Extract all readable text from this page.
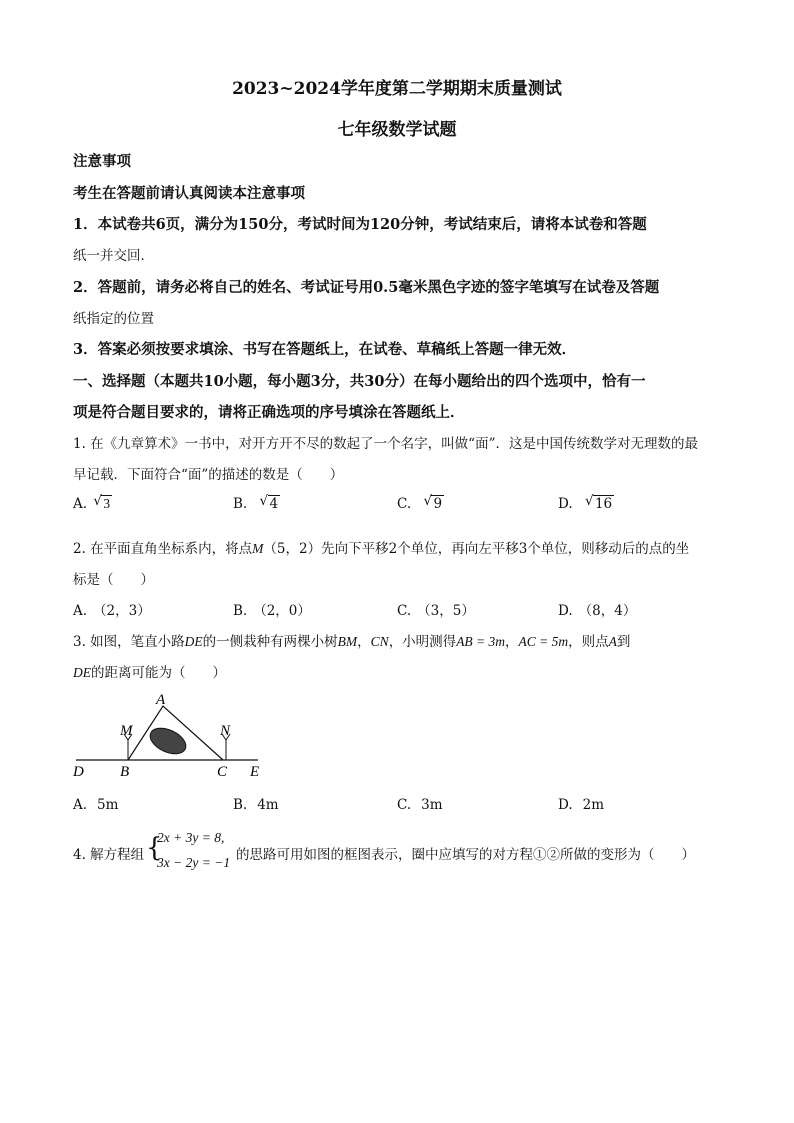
2023~2024学年度第二学期期末质量测试
七年级数学试题
注意事项
考生在答题前请认真阅读本注意事项
1．本试卷共6页，满分为150分，考试时间为120分钟，考试结束后，请将本试卷和答题
纸一并交回．
2．答题前，请务必将自己的姓名、考试证号用0.5毫米黑色字迹的签字笔填写在试卷及答题
纸指定的位置
3．答案必须按要求填涂、书写在答题纸上，在试卷、草稿纸上答题一律无效．
一、选择题（本题共10小题，每小题3分，共30分）在每小题给出的四个选项中，恰有一
项是符合题目要求的，请将正确选项的序号填涂在答题纸上．
1. 在《九章算术》一书中，对开方开不尽的数起了一个名字，叫做“面”．这是中国传统数学对无理数的最
早记载．下面符合“面”的描述的数是（　　）
A. √ 3	B. √ 4	C. √ 9	D. √ 16
2. 在平面直角坐标系内，将点M（5，2）先向下平移2个单位，再向左平移3个单位，则移动后的点的坐
标是（　　）
A. （2，3）	B. （2，0）	C. （3，5）	D. （8，4）
3. 如图，笔直小路DE的一侧栽种有两棵小树BM，CN，小明测得AB = 3m，AC = 5m，则点A到
DE的距离可能为（　　）
A
M	N
D B	C E
A. 5m	B. 4m	C. 3m	D. 2m
4. 解方程组 {
2x + 3y = 8,
3x − 2y = −1 的思路可用如图的框图表示，圈中应填写的对方程①②所做的变形为（　　）
